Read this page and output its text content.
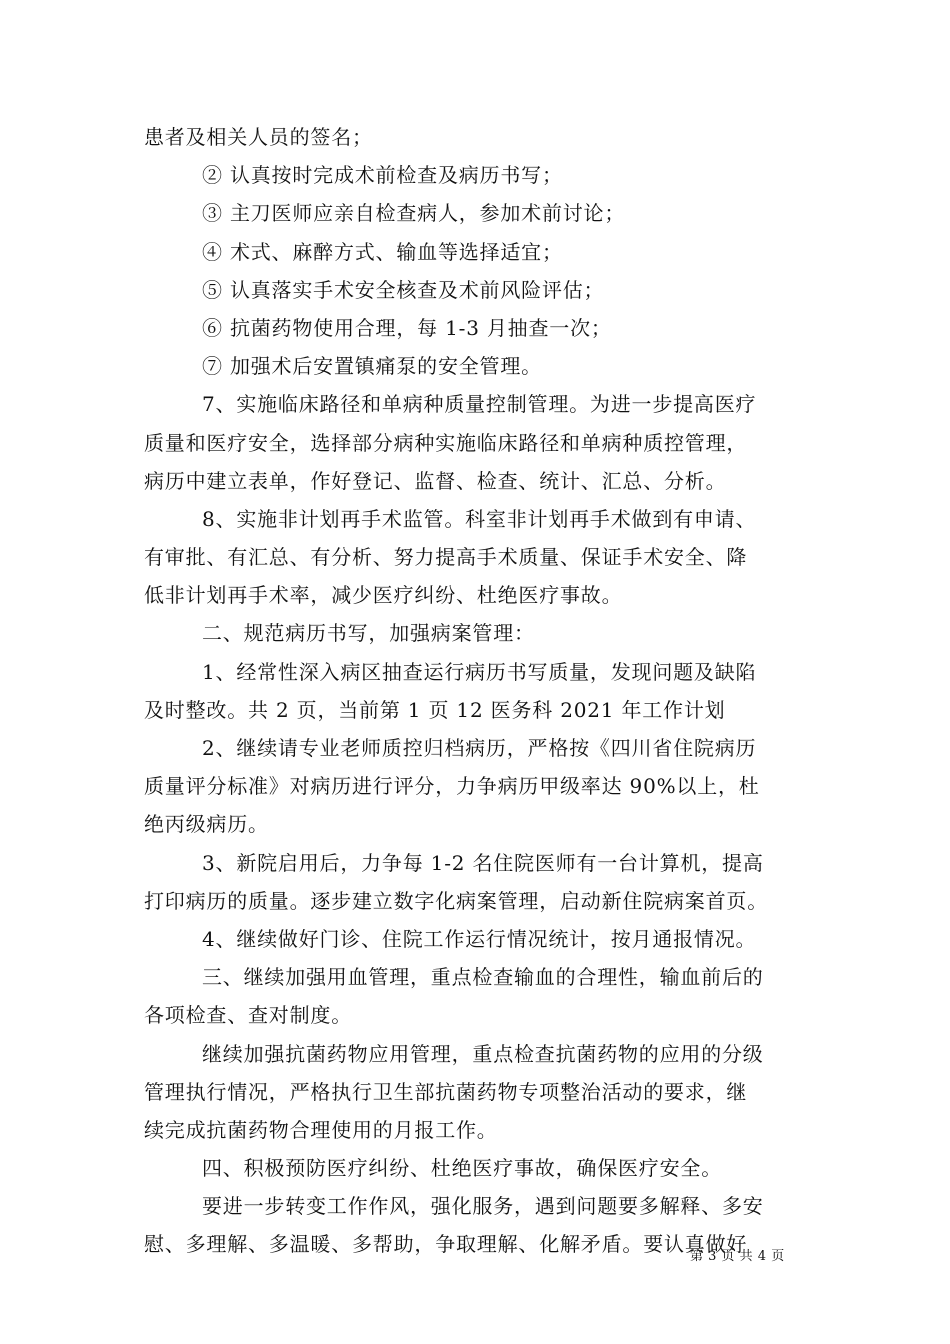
患者及相关人员的签名；
② 认真按时完成术前检查及病历书写；
③ 主刀医师应亲自检查病人，参加术前讨论；
④ 术式、麻醉方式、输血等选择适宜；
⑤ 认真落实手术安全核查及术前风险评估；
⑥ 抗菌药物使用合理，每 1-3 月抽查一次；
⑦ 加强术后安置镇痛泵的安全管理。
7、实施临床路径和单病种质量控制管理。为进一步提高医疗
质量和医疗安全，选择部分病种实施临床路径和单病种质控管理，
病历中建立表单，作好登记、监督、检查、统计、汇总、分析。
8、实施非计划再手术监管。科室非计划再手术做到有申请、
有审批、有汇总、有分析、努力提高手术质量、保证手术安全、降
低非计划再手术率，减少医疗纠纷、杜绝医疗事故。
二、规范病历书写，加强病案管理：
1、经常性深入病区抽查运行病历书写质量，发现问题及缺陷
及时整改。共 2 页，当前第 1 页 12 医务科 2021 年工作计划
2、继续请专业老师质控归档病历，严格按《四川省住院病历
质量评分标准》对病历进行评分，力争病历甲级率达 90%以上，杜
绝丙级病历。
3、新院启用后，力争每 1-2 名住院医师有一台计算机，提高
打印病历的质量。逐步建立数字化病案管理，启动新住院病案首页。
4、继续做好门诊、住院工作运行情况统计，按月通报情况。
三、继续加强用血管理，重点检查输血的合理性，输血前后的
各项检查、查对制度。
继续加强抗菌药物应用管理，重点检查抗菌药物的应用的分级
管理执行情况，严格执行卫生部抗菌药物专项整治活动的要求，继
续完成抗菌药物合理使用的月报工作。
四、积极预防医疗纠纷、杜绝医疗事故，确保医疗安全。
要进一步转变工作作风，强化服务，遇到问题要多解释、多安
慰、多理解、多温暖、多帮助，争取理解、化解矛盾。要认真做好
第 3 页 共 4 页
